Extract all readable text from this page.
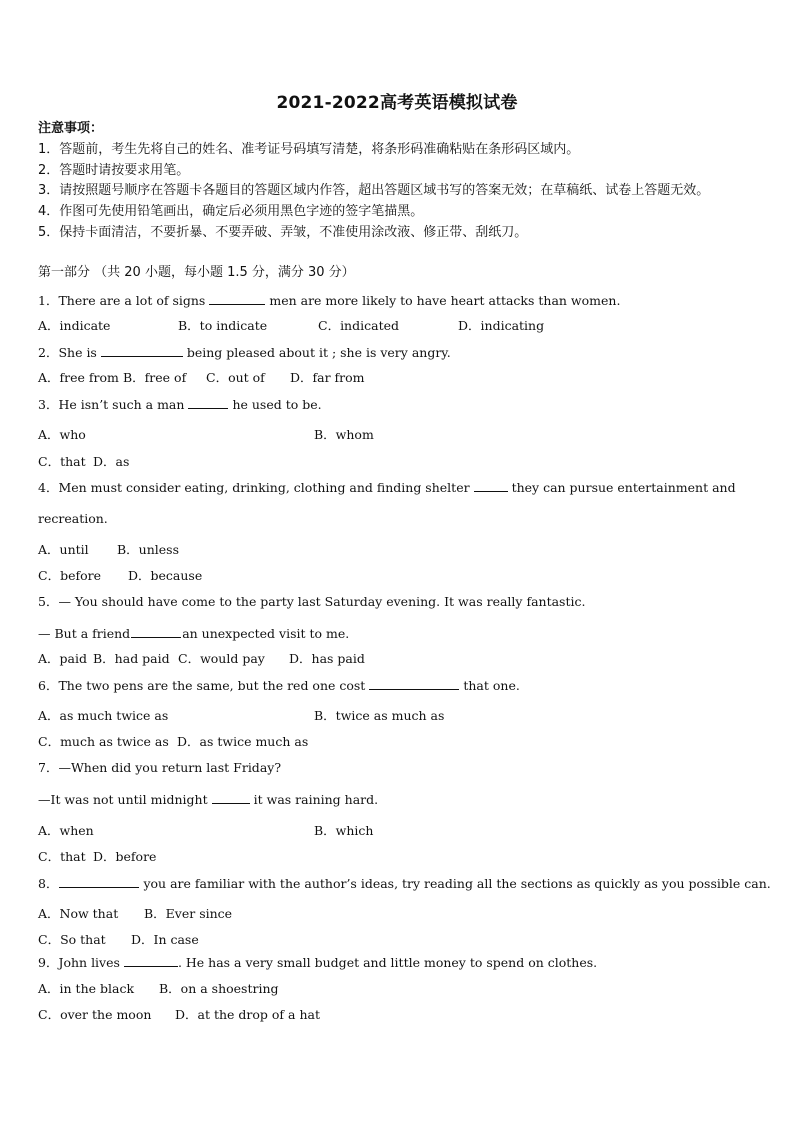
2021-2022高考英语模拟试卷
注意事项：
1．答题前，考生先将自己的姓名、准考证号码填写清楚，将条形码准确粘贴在条形码区域内。
2．答题时请按要求用笔。
3．请按照题号顺序在答题卡各题目的答题区域内作答，超出答题区域书写的答案无效；在草稿纸、试卷上答题无效。
4．作图可先使用铅笔画出，确定后必须用黑色字迹的签字笔描黑。
5．保持卡面清洁，不要折暴、不要弄破、弄皱，不准使用涂改液、修正带、刮纸刀。
第一部分 （共 20 小题，每小题 1.5 分，满分 30 分）
1．There are a lot of signs	men are more likely to have heart attacks than women.
A．indicate	B．to indicate	C．indicated	D．indicating
2．She is	being pleased about it ; she is very angry.
A．free from B．free of C．out of D．far from
3．He isn’t such a man	he used to be.
A．who	B．whom
C．that D．as
4．Men must consider eating, drinking, clothing and finding shelter	they can pursue entertainment and
recreation.
A．until B．unless
C．before D．because
5．— You should have come to the party last Saturday evening. It was really fantastic.
— But a friend	an unexpected visit to me.
A．paid B．had paid C．would pay D．has paid
6．The two pens are the same, but the red one cost	that one.
A．as much twice as	B．twice as much as
C．much as twice as D．as twice much as
7．—When did you return last Friday?
—It was not until midnight	it was raining hard.
A．when	B．which
C．that D．before
8．	you are familiar with the author’s ideas, try reading all the sections as quickly as you possible can.
A．Now that B．Ever since
C．So that D．In case
9．John lives	. He has a very small budget and little money to spend on clothes.
A．in the black B．on a shoestring
C．over the moon D．at the drop of a hat
